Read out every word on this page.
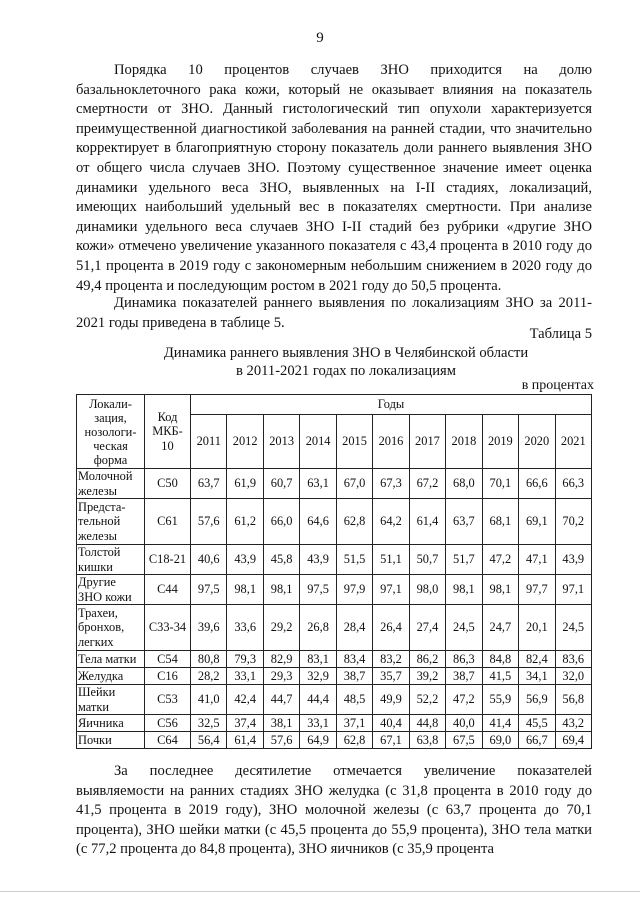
9

Порядка 10 процентов случаев ЗНО приходится на долю базальноклеточного рака кожи, который не оказывает влияния на показатель смертности от ЗНО. Данный гистологический тип опухоли характеризуется преимущественной диагностикой заболевания на ранней стадии, что значительно корректирует в благоприятную сторону показатель доли раннего выявления ЗНО от общего числа случаев ЗНО. Поэтому существенное значение имеет оценка динамики удельного веса ЗНО, выявленных на I-II стадиях, локализаций, имеющих наибольший удельный вес в показателях смертности. При анализе динамики удельного веса случаев ЗНО I-II стадий без рубрики «другие ЗНО кожи» отмечено увеличение указанного показателя с 43,4 процента в 2010 году до 51,1 процента в 2019 году с закономерным небольшим снижением в 2020 году до 49,4 процента и последующим ростом в 2021 году до 50,5 процента.

Динамика показателей раннего выявления по локализациям ЗНО за 2011-2021 годы приведена в таблице 5.

Таблица 5
Динамика раннего выявления ЗНО в Челябинской области
в 2011-2021 годах по локализациям
в процентах
Локали-
зация,
нозологи-
ческая
форма	Код
МКБ-
10	Годы										
		2011	2012	2013	2014	2015	2016	2017	2018	2019	2020	2021
Молочной
железы	C50	63,7	61,9	60,7	63,1	67,0	67,3	67,2	68,0	70,1	66,6	66,3
Предста-
тельной
железы	C61	57,6	61,2	66,0	64,6	62,8	64,2	61,4	63,7	68,1	69,1	70,2
Толстой
кишки	C18-21	40,6	43,9	45,8	43,9	51,5	51,1	50,7	51,7	47,2	47,1	43,9
Другие
ЗНО кожи	C44	97,5	98,1	98,1	97,5	97,9	97,1	98,0	98,1	98,1	97,7	97,1
Трахеи,
бронхов,
легких	C33-34	39,6	33,6	29,2	26,8	28,4	26,4	27,4	24,5	24,7	20,1	24,5
Тела матки	C54	80,8	79,3	82,9	83,1	83,4	83,2	86,2	86,3	84,8	82,4	83,6
Желудка	C16	28,2	33,1	29,3	32,9	38,7	35,7	39,2	38,7	41,5	34,1	32,0
Шейки
матки	C53	41,0	42,4	44,7	44,4	48,5	49,9	52,2	47,2	55,9	56,9	56,8
Яичника	C56	32,5	37,4	38,1	33,1	37,1	40,4	44,8	40,0	41,4	45,5	43,2
Почки	C64	56,4	61,4	57,6	64,9	62,8	67,1	63,8	67,5	69,0	66,7	69,4

За последнее десятилетие отмечается увеличение показателей выявляемости на ранних стадиях ЗНО желудка (с 31,8 процента в 2010 году до 41,5 процента в 2019 году), ЗНО молочной железы (с 63,7 процента до 70,1 процента), ЗНО шейки матки (с 45,5 процента до 55,9 процента), ЗНО тела матки (с 77,2 процента до 84,8 процента), ЗНО яичников (с 35,9 процента
